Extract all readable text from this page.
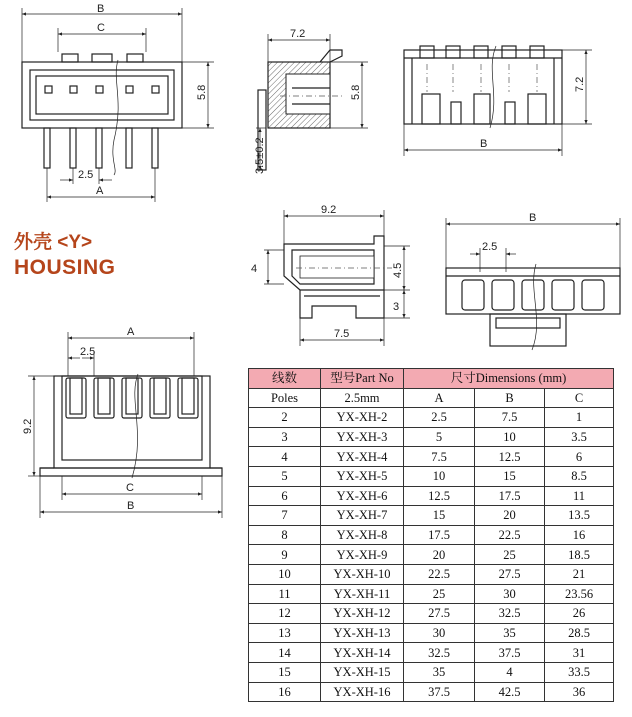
外壳 <Y>
HOUSING
B
C
5.8
2.5
A
7.2
5.8
3.5±0.2
7.2
B
9.2
4	4.5
3
7.5
B
2.5
A
2.5
9.2
C
B
线数	型号Part No	尺寸Dimensions (mm)		
Poles	2.5mm	A	B	C
2	YX-XH-2	2.5	7.5	1
3	YX-XH-3	5	10	3.5
4	YX-XH-4	7.5	12.5	6
5	YX-XH-5	10	15	8.5
6	YX-XH-6	12.5	17.5	11
7	YX-XH-7	15	20	13.5
8	YX-XH-8	17.5	22.5	16
9	YX-XH-9	20	25	18.5
10	YX-XH-10	22.5	27.5	21
11	YX-XH-11	25	30	23.56
12	YX-XH-12	27.5	32.5	26
13	YX-XH-13	30	35	28.5
14	YX-XH-14	32.5	37.5	31
15	YX-XH-15	35	4	33.5
16	YX-XH-16	37.5	42.5	36
